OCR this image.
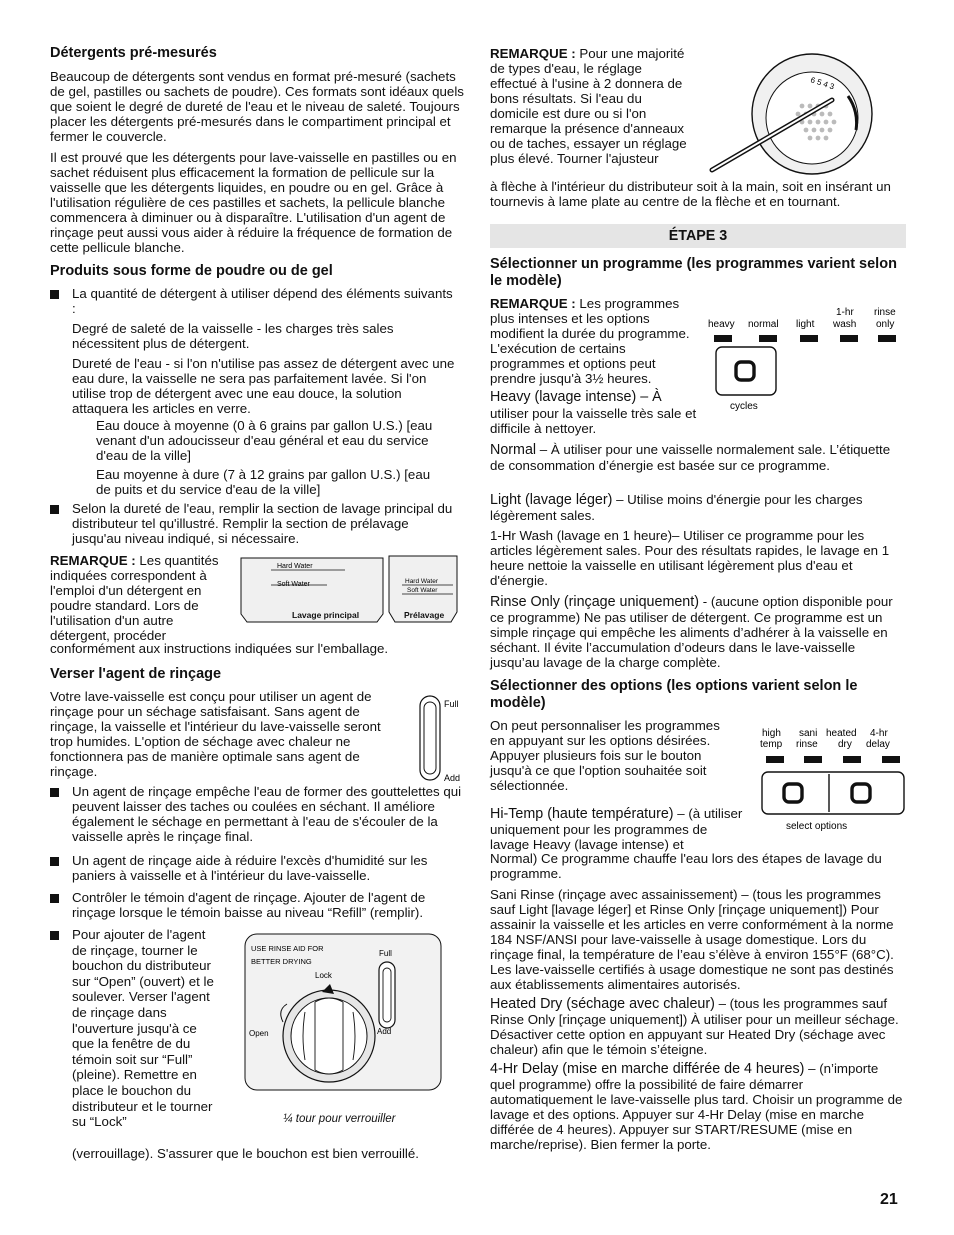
Détergents pré-mesurés

Beaucoup de détergents sont vendus en format pré-mesuré (sachets de gel, pastilles ou sachets de poudre). Ces formats sont idéaux quels que soient le degré de dureté de l'eau et le niveau de saleté. Toujours placer les détergents pré-mesurés dans le compartiment principal et fermer le couvercle.

Il est prouvé que les détergents pour lave-vaisselle en pastilles ou en sachet réduisent plus efficacement la formation de pellicule sur la vaisselle que les détergents liquides, en poudre ou en gel. Grâce à l'utilisation régulière de ces pastilles et sachets, la pellicule blanche commencera à diminuer ou à disparaître. L'utilisation d'un agent de rinçage peut aussi vous aider à réduire la fréquence de formation de cette pellicule blanche.

Produits sous forme de poudre ou de gel

La quantité de détergent à utiliser dépend des éléments suivants :

Degré de saleté de la vaisselle - les charges très sales nécessitent plus de détergent.

Dureté de l'eau - si l'on n'utilise pas assez de détergent avec une eau dure, la vaisselle ne sera pas parfaitement lavée. Si l'on utilise trop de détergent avec une eau douce, la solution attaquera les articles en verre.

Eau douce à moyenne (0 à 6 grains par gallon U.S.) [eau venant d'un adoucisseur d'eau général et eau du service d'eau de la ville]

Eau moyenne à dure (7 à 12 grains par gallon U.S.) [eau de puits et du service d'eau de la ville]

Selon la dureté de l'eau, remplir la section de lavage principal du distributeur tel qu'illustré. Remplir la section de prélavage jusqu'au niveau indiqué, si nécessaire.

REMARQUE : Les quantités indiquées correspondent à l'emploi d'un détergent en poudre standard. Lors de l'utilisation d'un autre détergent, procéder

conformément aux instructions indiquées sur l'emballage.

Hard Water
Soft Water	Hard Water
Soft Water
Lavage principal	Prélavage
Verser l'agent de rinçage

Votre lave-vaisselle est conçu pour utiliser un agent de rinçage pour un séchage satisfaisant. Sans agent de rinçage, la vaisselle et l'intérieur du lave-vaisselle seront trop humides. L'option de séchage avec chaleur ne fonctionnera pas de manière optimale sans agent de rinçage.

Full
Add

Un agent de rinçage empêche l'eau de former des gouttelettes qui peuvent laisser des taches ou coulées en séchant. Il améliore également le séchage en permettant à l'eau de s'écouler de la vaisselle après le rinçage final.

Un agent de rinçage aide à réduire l'excès d'humidité sur les paniers à vaisselle et à l'intérieur du lave-vaisselle.

Contrôler le témoin d'agent de rinçage. Ajouter de l'agent de rinçage lorsque le témoin baisse au niveau “Refill” (remplir).

Pour ajouter de l'agent de rinçage, tourner le bouchon du distributeur sur “Open” (ouvert) et le soulever. Verser l'agent de rinçage dans l'ouverture jusqu'à ce que la fenêtre de du témoin soit sur “Full” (pleine). Remettre en place le bouchon du distributeur et le tourner su “Lock”

(verrouillage). S'assurer que le bouchon est bien verrouillé.

USE RINSE AID FOR
BETTER DRYING
Lock
Open
Full
Add
¼ tour pour verrouiller

REMARQUE : Pour une majorité de types d'eau, le réglage effectué à l'usine à 2 donnera de bons résultats. Si l'eau du domicile est dure ou si l'on remarque la présence d'anneaux ou de taches, essayer un réglage plus élevé. Tourner l'ajusteur

à flèche à l'intérieur du distributeur soit à la main, soit en insérant un tournevis à lame plate au centre de la flèche et en tournant.

6 5 4 3
ÉTAPE 3
Sélectionner un programme (les programmes varient selon le modèle)

REMARQUE : Les programmes plus intenses et les options modifient la durée du programme. L'exécution de certains programmes et options peut prendre jusqu'à 3½ heures.

heavy normal light
1-hr
wash
rinse
only
cycles

Heavy (lavage intense) – À

utiliser pour la vaisselle très sale et difficile à nettoyer.

Normal – À utiliser pour une vaisselle normalement sale. L’étiquette de consommation d’énergie est basée sur ce programme.

Light (lavage léger) – Utilise moins d'énergie pour les charges légèrement sales.

1-Hr Wash (lavage en 1 heure)– Utiliser ce programme pour les articles légèrement sales. Pour des résultats rapides, le lavage en 1 heure nettoie la vaisselle en utilisant légèrement plus d'eau et d'énergie.

Rinse Only (rinçage uniquement) - (aucune option disponible pour ce programme) Ne pas utiliser de détergent. Ce programme est un simple rinçage qui empêche les aliments d’adhérer à la vaisselle en séchant. Il évite l’accumulation d’odeurs dans le lave-vaisselle jusqu’au lavage de la charge complète.

Sélectionner des options (les options varient selon le modèle)

On peut personnaliser les programmes en appuyant sur les options désirées. Appuyer plusieurs fois sur le bouton jusqu'à ce que l'option souhaitée soit sélectionnée.

high
temp
sani
rinse
heated
dry
4-hr
delay
select options

Hi-Temp (haute température) – (à utiliser uniquement pour les programmes de lavage Heavy (lavage intense) et

Normal) Ce programme chauffe l'eau lors des étapes de lavage du programme.

Sani Rinse (rinçage avec assainissement) – (tous les programmes sauf Light [lavage léger] et Rinse Only [rinçage uniquement]) Pour assainir la vaisselle et les articles en verre conformément à la norme 184 NSF/ANSI pour lave-vaisselle à usage domestique. Lors du rinçage final, la température de l’eau s’élève à environ 155°F (68°C). Les lave-vaisselle certifiés à usage domestique ne sont pas destinés aux établissements alimentaires autorisés.

Heated Dry (séchage avec chaleur) – (tous les programmes sauf Rinse Only [rinçage uniquement]) À utiliser pour un meilleur séchage. Désactiver cette option en appuyant sur Heated Dry (séchage avec chaleur) afin que le témoin s’éteigne.

4-Hr Delay (mise en marche différée de 4 heures) – (n’importe quel programme) offre la possibilité de faire démarrer automatiquement le lave-vaisselle plus tard. Choisir un programme de lavage et des options. Appuyer sur 4-Hr Delay (mise en marche différée de 4 heures). Appuyer sur START/RESUME (mise en marche/reprise). Bien fermer la porte.

21
